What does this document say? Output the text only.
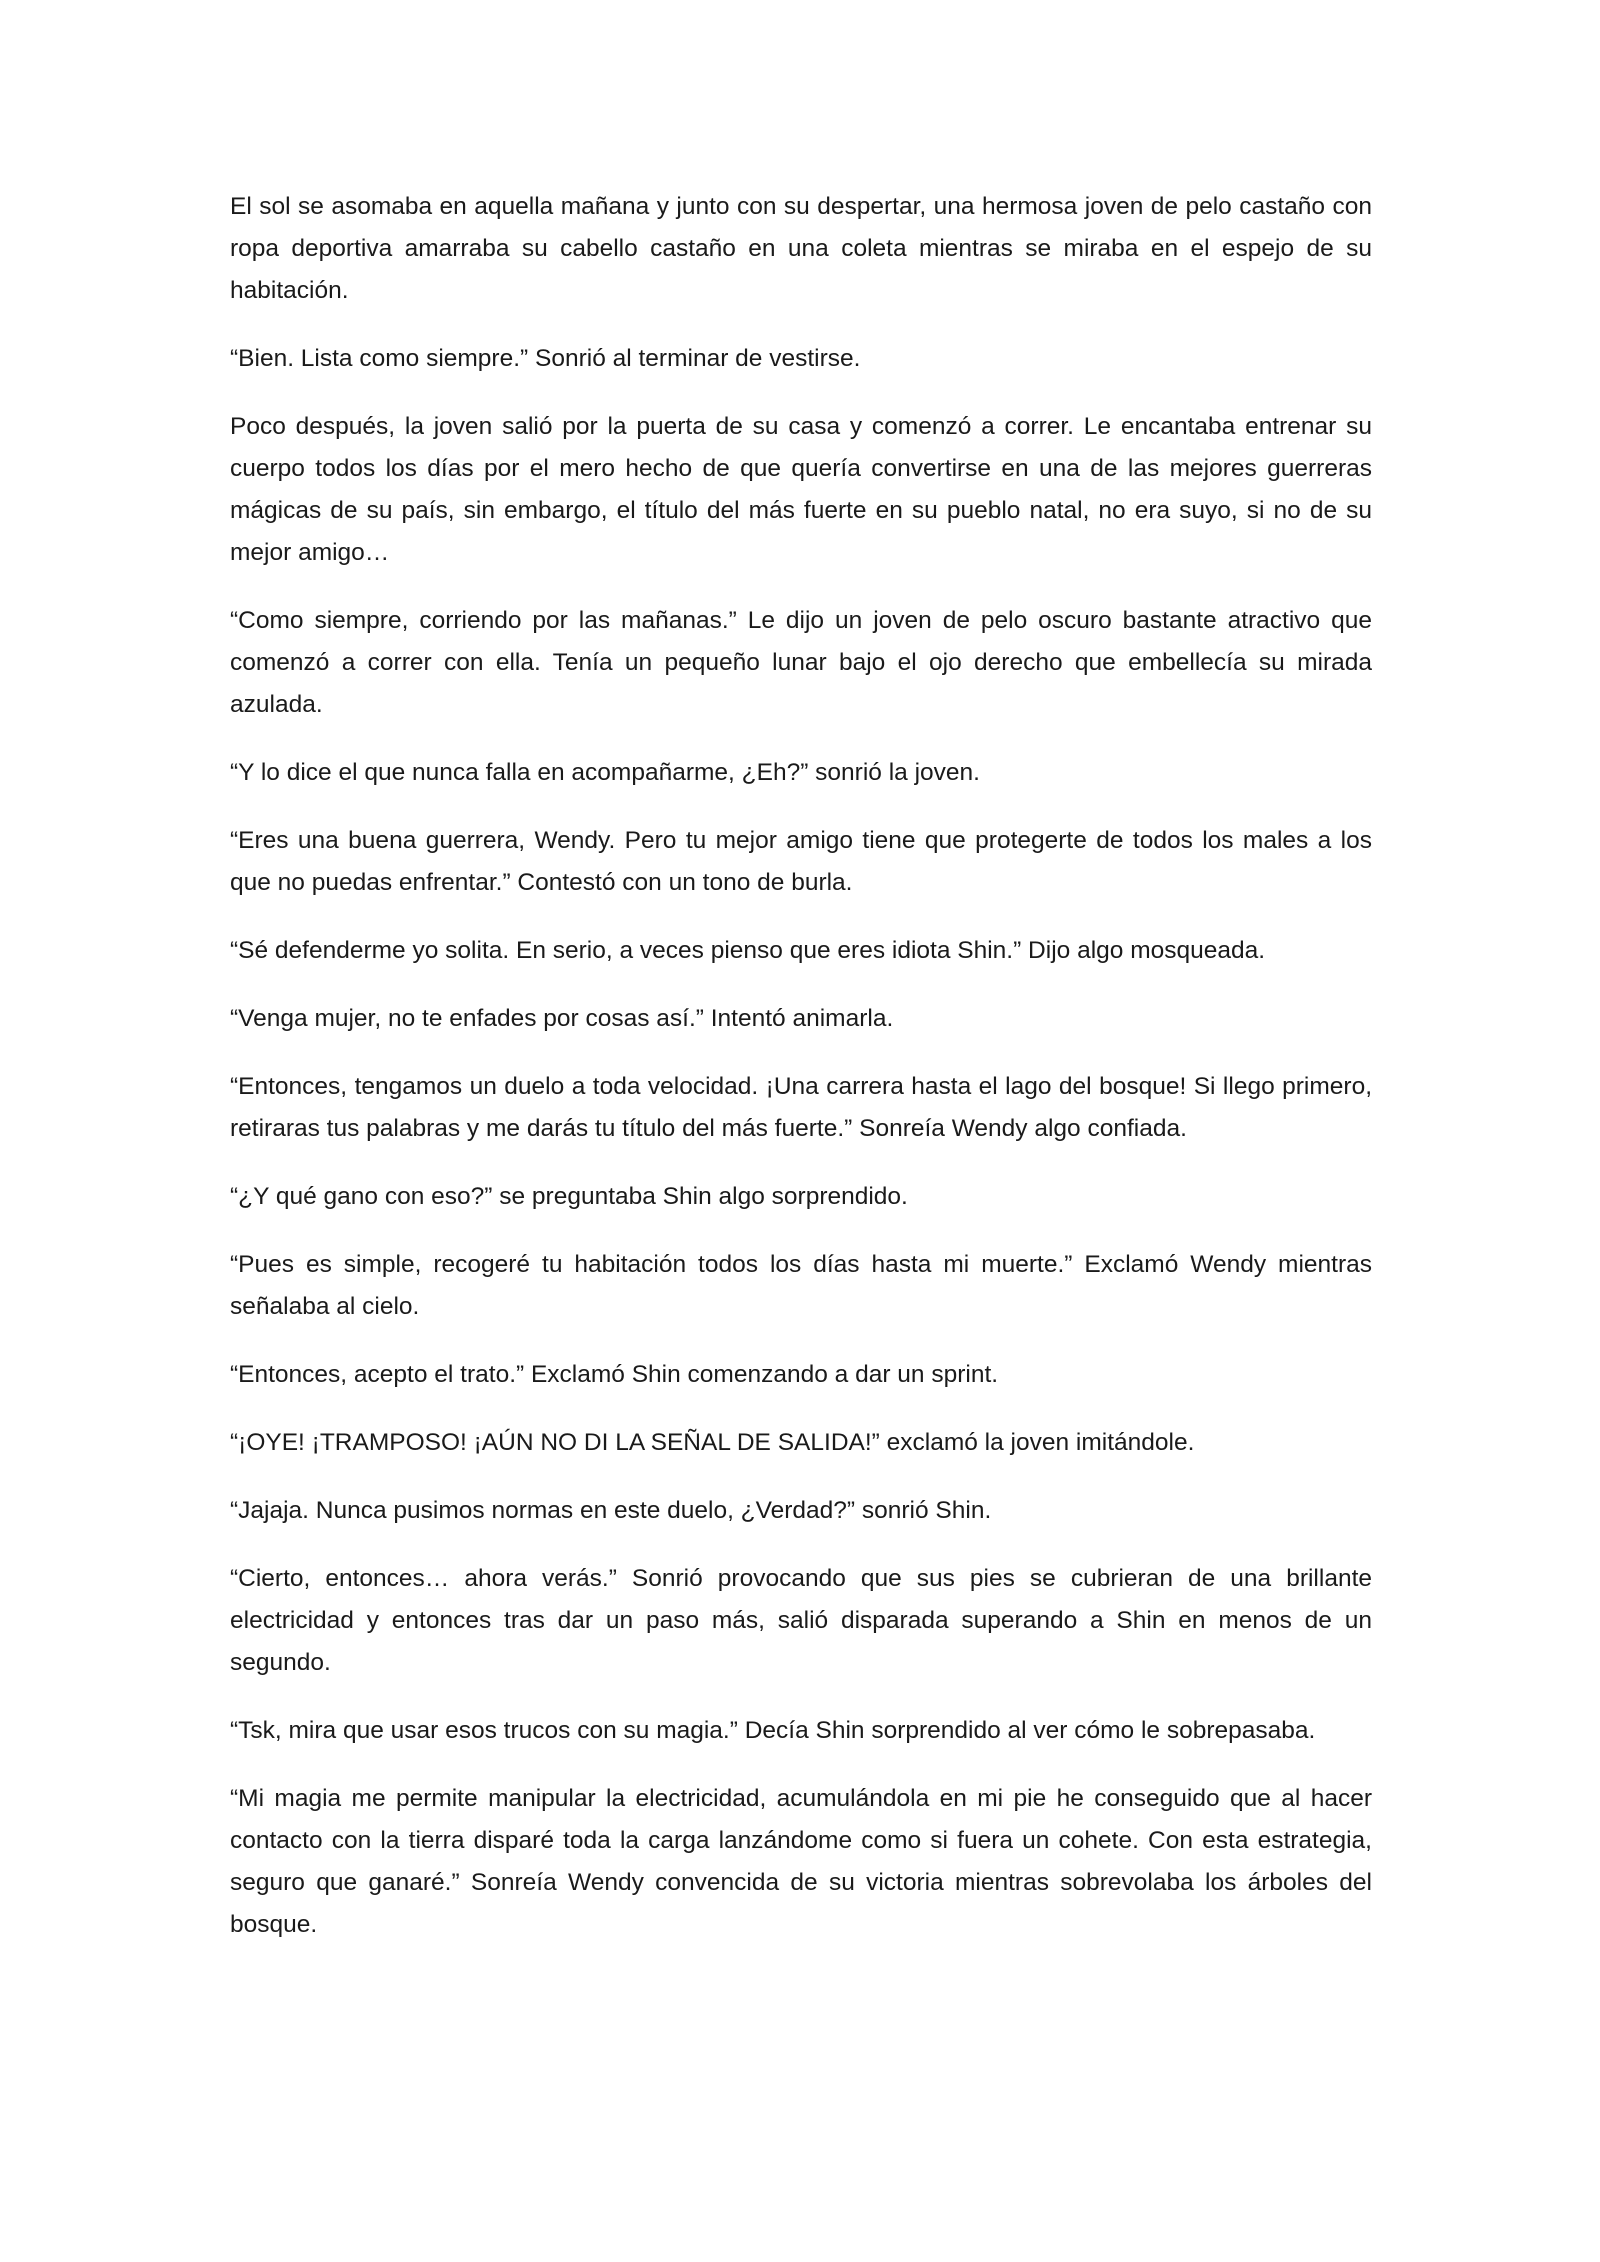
El sol se asomaba en aquella mañana y junto con su despertar, una hermosa joven de pelo castaño con ropa deportiva amarraba su cabello castaño en una coleta mientras se miraba en el espejo de su habitación.

“Bien. Lista como siempre.” Sonrió al terminar de vestirse.

Poco después, la joven salió por la puerta de su casa y comenzó a correr. Le encantaba entrenar su cuerpo todos los días por el mero hecho de que quería convertirse en una de las mejores guerreras mágicas de su país, sin embargo, el título del más fuerte en su pueblo natal, no era suyo, si no de su mejor amigo…

“Como siempre, corriendo por las mañanas.” Le dijo un joven de pelo oscuro bastante atractivo que comenzó a correr con ella. Tenía un pequeño lunar bajo el ojo derecho que embellecía su mirada azulada.

“Y lo dice el que nunca falla en acompañarme, ¿Eh?” sonrió la joven.

“Eres una buena guerrera, Wendy. Pero tu mejor amigo tiene que protegerte de todos los males a los que no puedas enfrentar.” Contestó con un tono de burla.

“Sé defenderme yo solita. En serio, a veces pienso que eres idiota Shin.” Dijo algo mosqueada.

“Venga mujer, no te enfades por cosas así.” Intentó animarla.

“Entonces, tengamos un duelo a toda velocidad. ¡Una carrera hasta el lago del bosque! Si llego primero, retiraras tus palabras y me darás tu título del más fuerte.” Sonreía Wendy algo confiada.

“¿Y qué gano con eso?” se preguntaba Shin algo sorprendido.

“Pues es simple, recogeré tu habitación todos los días hasta mi muerte.” Exclamó Wendy mientras señalaba al cielo.

“Entonces, acepto el trato.” Exclamó Shin comenzando a dar un sprint.

“¡OYE! ¡TRAMPOSO! ¡AÚN NO DI LA SEÑAL DE SALIDA!” exclamó la joven imitándole.

“Jajaja. Nunca pusimos normas en este duelo, ¿Verdad?” sonrió Shin.

“Cierto, entonces… ahora verás.” Sonrió provocando que sus pies se cubrieran de una brillante electricidad y entonces tras dar un paso más, salió disparada superando a Shin en menos de un segundo.

“Tsk, mira que usar esos trucos con su magia.” Decía Shin sorprendido al ver cómo le sobrepasaba.

“Mi magia me permite manipular la electricidad, acumulándola en mi pie he conseguido que al hacer contacto con la tierra disparé toda la carga lanzándome como si fuera un cohete. Con esta estrategia, seguro que ganaré.” Sonreía Wendy convencida de su victoria mientras sobrevolaba los árboles del bosque.
